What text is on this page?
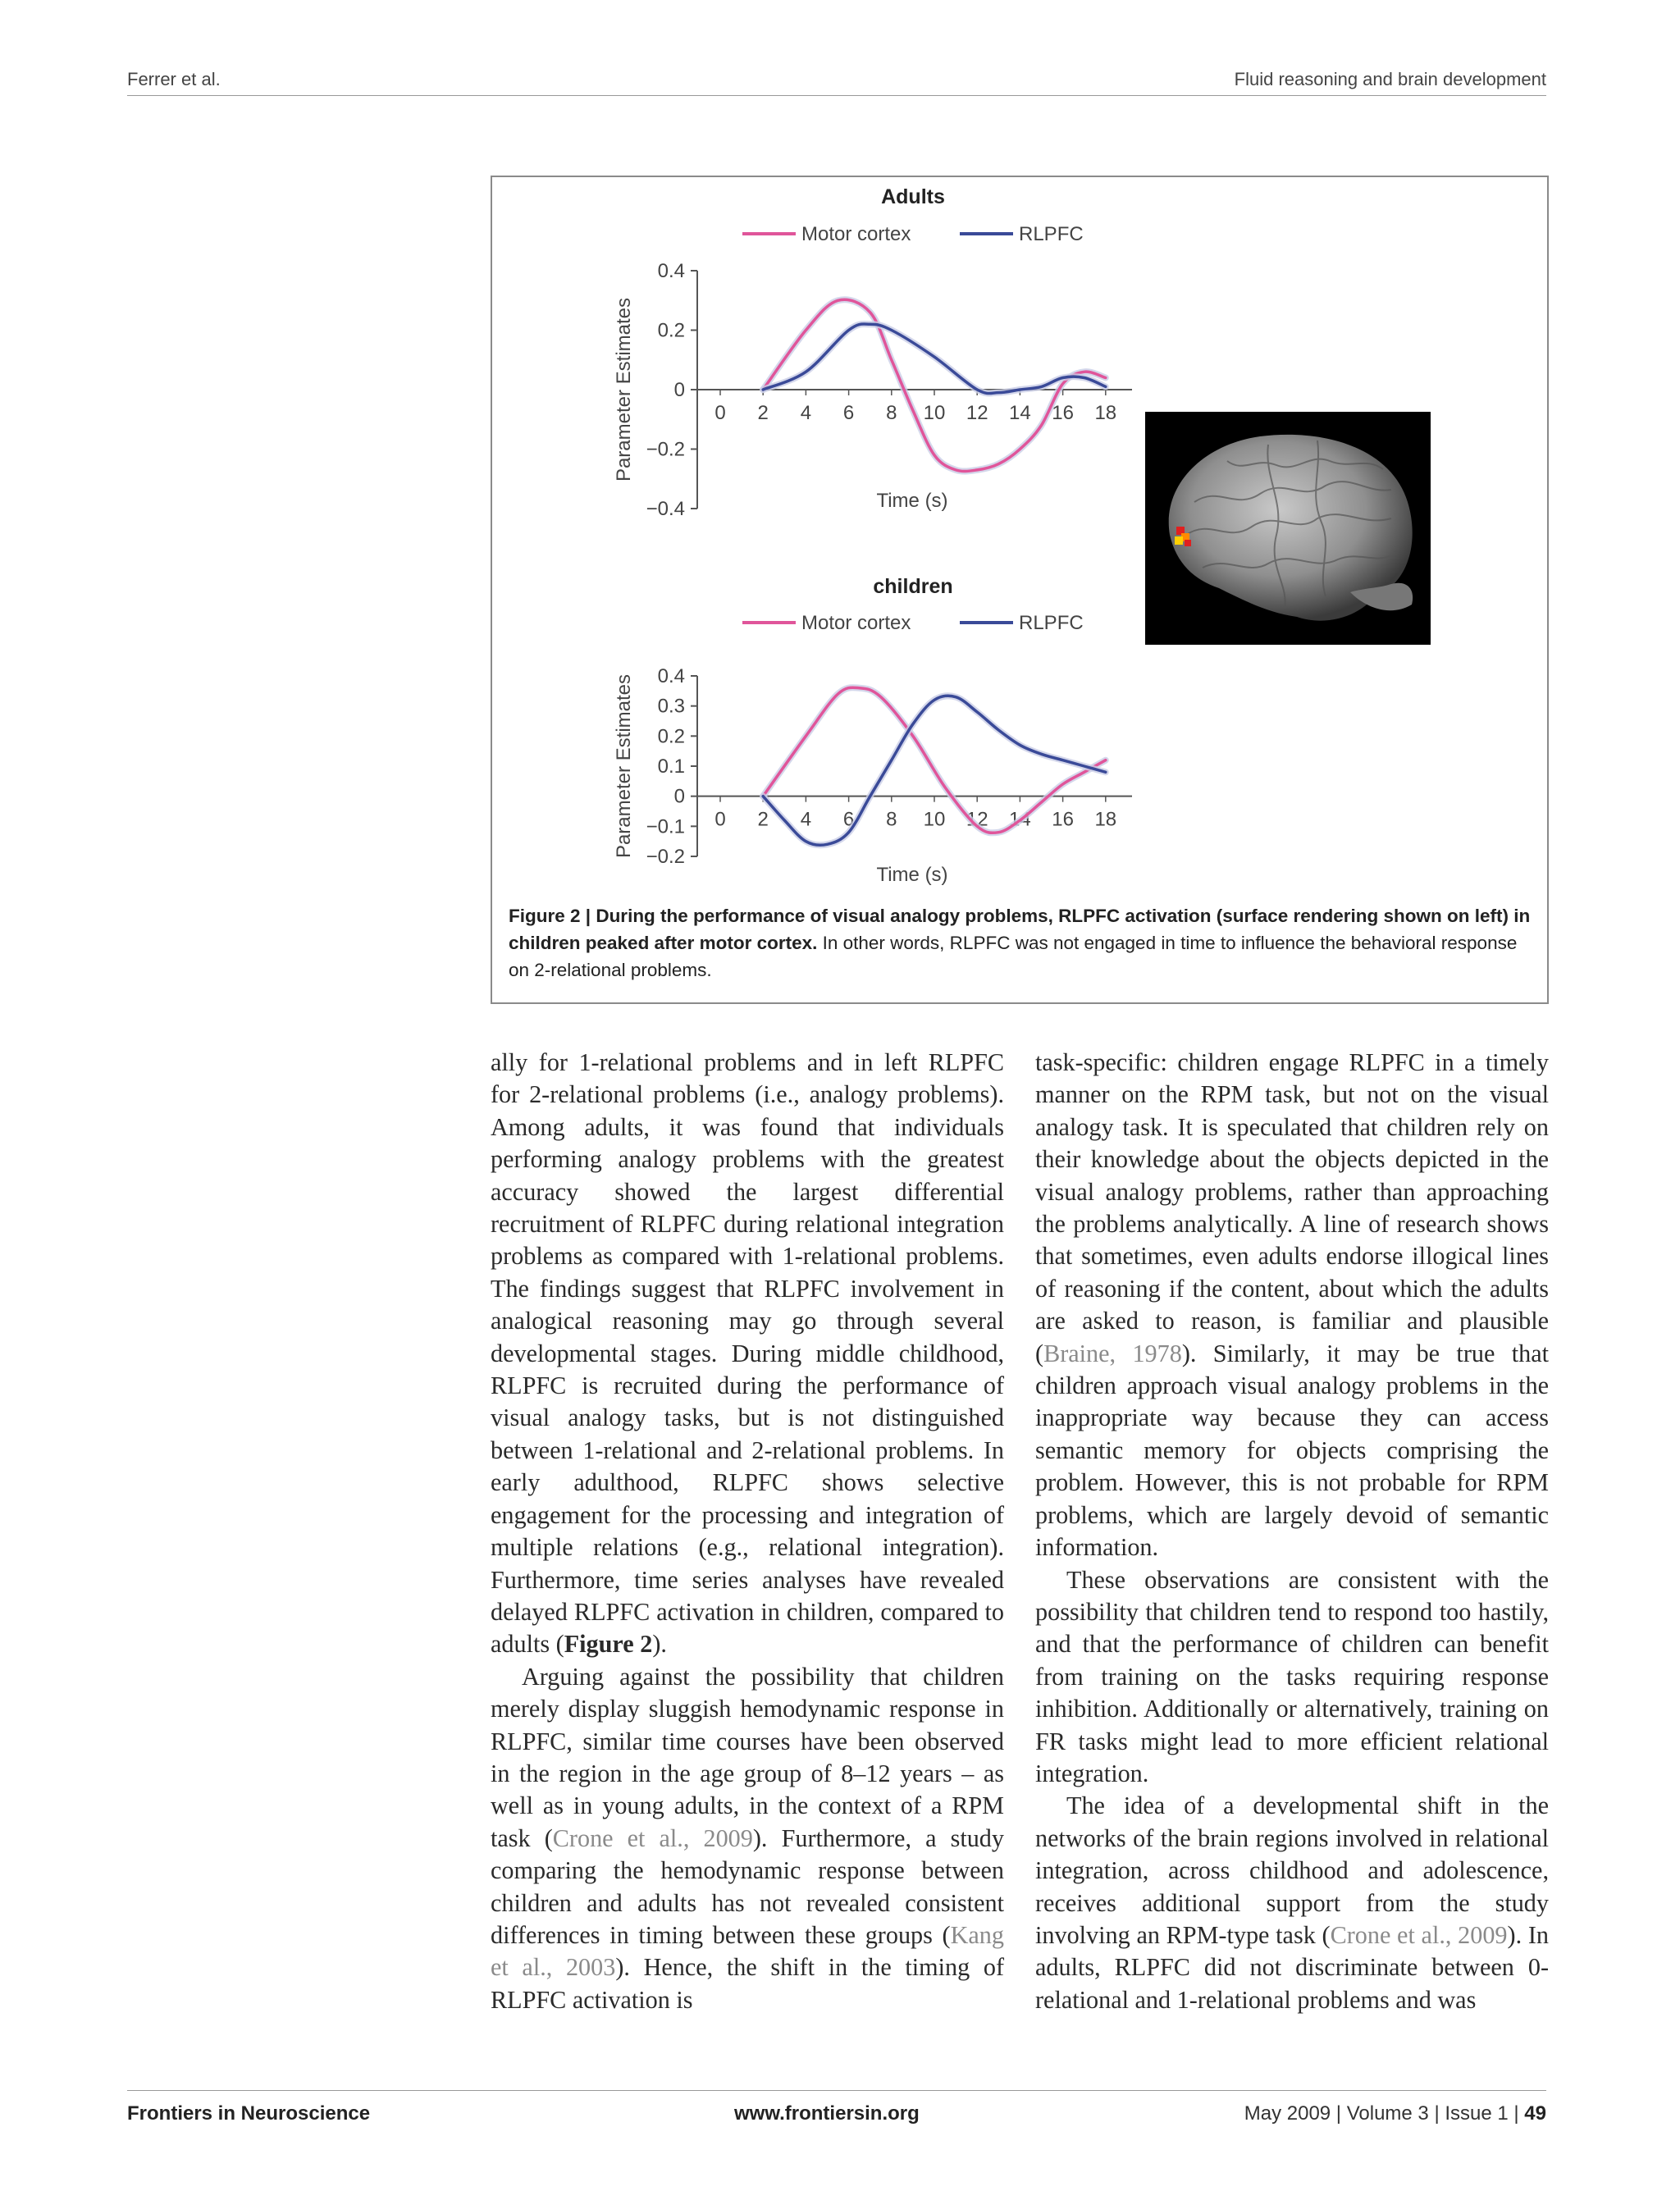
Ferrer et al.	Fluid reasoning and brain development
Adults
Motor cortex	RLPFC
0.4
0.2
0
−0.2
−0.4
Parameter Estimates	0 2 4 6 8 10 12 14 16 18
Time (s)
children
Motor cortex	RLPFC
0.4
0.3
0.2
0.1
0
−0.1
−0.2
Parameter Estimates	0 2 4 6 8 10 12 14 16 18
Time (s)
Figure 2 | During the performance of visual analogy problems, RLPFC activation (surface rendering shown on left) in children peaked after motor cortex. In other words, RLPFC was not engaged in time to influence the behavioral response on 2-relational problems.

ally for 1-relational problems and in left RLPFC for 2-relational problems (i.e., analogy problems). Among adults, it was found that individuals performing analogy problems with the greatest accuracy showed the largest differential recruitment of RLPFC during relational integration problems as compared with 1-relational problems. The findings suggest that RLPFC involvement in analogical reasoning may go through several developmental stages. During middle childhood, RLPFC is recruited during the performance of visual analogy tasks, but is not distinguished between 1-relational and 2-relational problems. In early adulthood, RLPFC shows selective engagement for the processing and integration of multiple relations (e.g., relational integration). Furthermore, time series analyses have revealed delayed RLPFC activation in children, compared to adults (Figure 2).

Arguing against the possibility that children merely display sluggish hemodynamic response in RLPFC, similar time courses have been observed in the region in the age group of 8–12 years – as well as in young adults, in the context of a RPM task (Crone et al., 2009). Furthermore, a study comparing the hemodynamic response between children and adults has not revealed consistent differences in timing between these groups (Kang et al., 2003). Hence, the shift in the timing of RLPFC activation is

task-specific: children engage RLPFC in a timely manner on the RPM task, but not on the visual analogy task. It is speculated that children rely on their knowledge about the objects depicted in the visual analogy problems, rather than approaching the problems analytically. A line of research shows that sometimes, even adults endorse illogical lines of reasoning if the content, about which the adults are asked to reason, is familiar and plausible (Braine, 1978). Similarly, it may be true that children approach visual analogy problems in the inappropriate way because they can access semantic memory for objects comprising the problem. However, this is not probable for RPM problems, which are largely devoid of semantic information.

These observations are consistent with the possibility that children tend to respond too hastily, and that the performance of children can benefit from training on the tasks requiring response inhibition. Additionally or alternatively, training on FR tasks might lead to more efficient relational integration.

The idea of a developmental shift in the networks of the brain regions involved in relational integration, across childhood and adolescence, receives additional support from the study involving an RPM-type task (Crone et al., 2009). In adults, RLPFC did not discriminate between 0-relational and 1-relational problems and was

Frontiers in Neuroscience	www.frontiersin.org	May 2009 | Volume 3 | Issue 1 | 49
